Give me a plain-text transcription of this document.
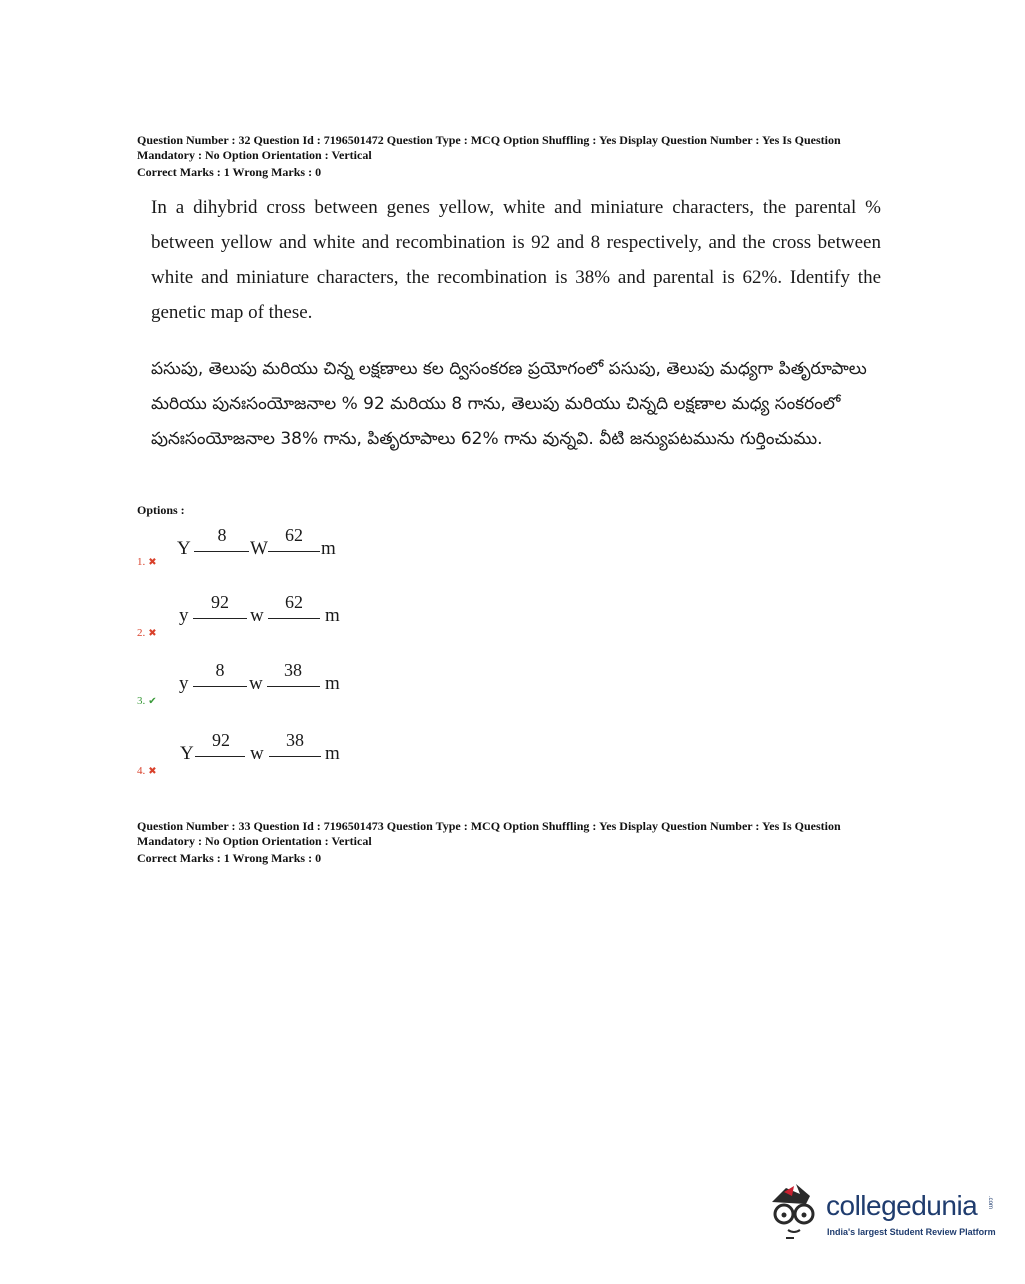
Question Number : 32 Question Id : 7196501472 Question Type : MCQ Option Shuffling : Yes Display Question Number : Yes Is Question
Mandatory : No Option Orientation : Vertical
Correct Marks : 1 Wrong Marks : 0
In a dihybrid cross between genes yellow, white and miniature characters, the parental % between yellow and white and recombination is 92 and 8 respectively, and the cross between white and miniature characters, the recombination is 38% and parental is 62%. Identify the genetic map of these.
పసుపు, తెలుపు మరియు చిన్న లక్షణాలు కల ద్విసంకరణ ప్రయోగంలో పసుపు, తెలుపు మధ్యగా పితృరూపాలు మరియు పునఃసంయోజనాల % 92 మరియు 8 గాను, తెలుపు మరియు చిన్నది లక్షణాల మధ్య సంకరంలో పునఃసంయోజనాల 38% గాను, పితృరూపాలు 62% గాను వున్నవి. వీటి జన్యుపటమును గుర్తించుము.
Options :
Y
8
W
62
m
1. ✖
y
92
w
62
m
2. ✖
y
8
w
38
m
3. ✔
Y
92
w
38
m
4. ✖
Question Number : 33 Question Id : 7196501473 Question Type : MCQ Option Shuffling : Yes Display Question Number : Yes Is Question
Mandatory : No Option Orientation : Vertical
Correct Marks : 1 Wrong Marks : 0
collegedunia .com
India's largest Student Review Platform
